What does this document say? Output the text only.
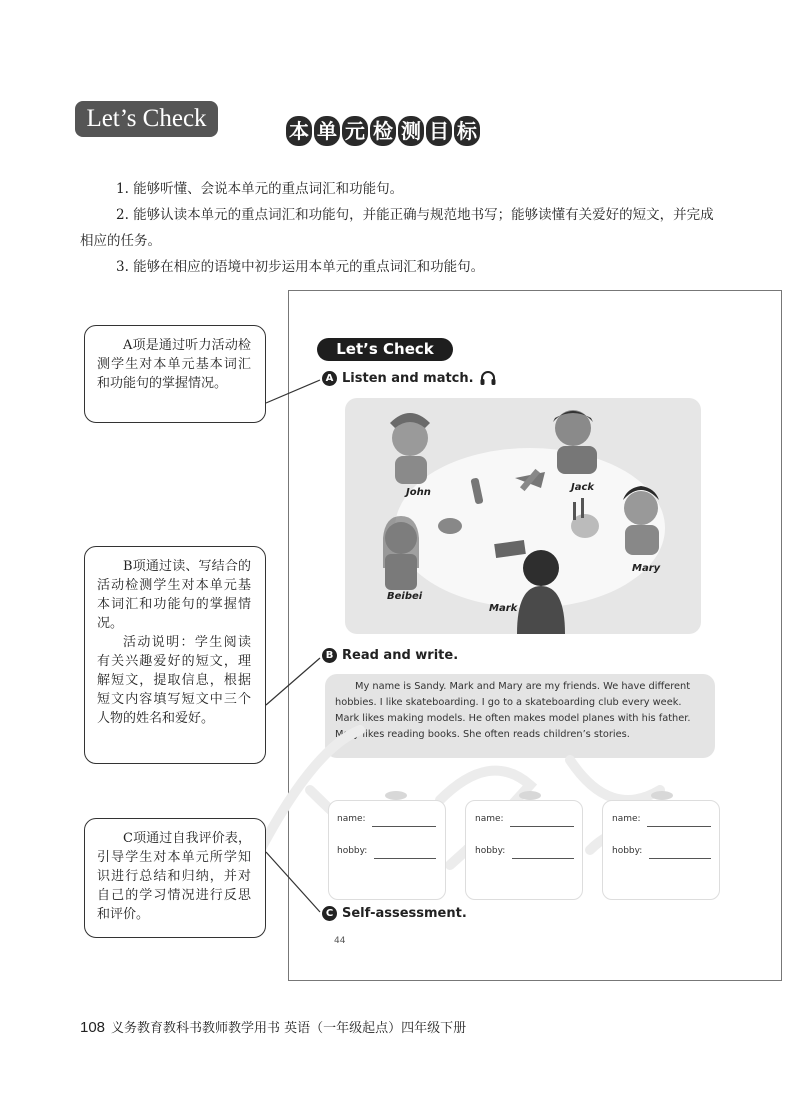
Let’s Check	本 单 元 检 测 目 标

1. 能够听懂、会说本单元的重点词汇和功能句。

2. 能够认读本单元的重点词汇和功能句，并能正确与规范地书写；能够读懂有关爱好的短文，并完成相应的任务。

3. 能够在相应的语境中初步运用本单元的重点词汇和功能句。

Let’s Check
A Listen and match.
John	Jack
Mary
Beibei
Mark
B Read and write.
My name is Sandy. Mark and Mary are my friends. We have different hobbies. I like skateboarding. I go to a skateboarding club every week. Mark likes making models. He often makes model planes with his father. Mary likes reading books. She often reads children’s stories.
name:
hobby:
name:
hobby:
name:
hobby:
C Self-assessment.
44

A项是通过听力活动检测学生对本单元基本词汇和功能句的掌握情况。

B项通过读、写结合的活动检测学生对本单元基本词汇和功能句的掌握情况。

活动说明：学生阅读有关兴趣爱好的短文，理解短文，提取信息，根据短文内容填写短文中三个人物的姓名和爱好。

C项通过自我评价表，引导学生对本单元所学知识进行总结和归纳，并对自己的学习情况进行反思和评价。

108 义务教育教科书教师教学用书 英语（一年级起点）四年级下册
